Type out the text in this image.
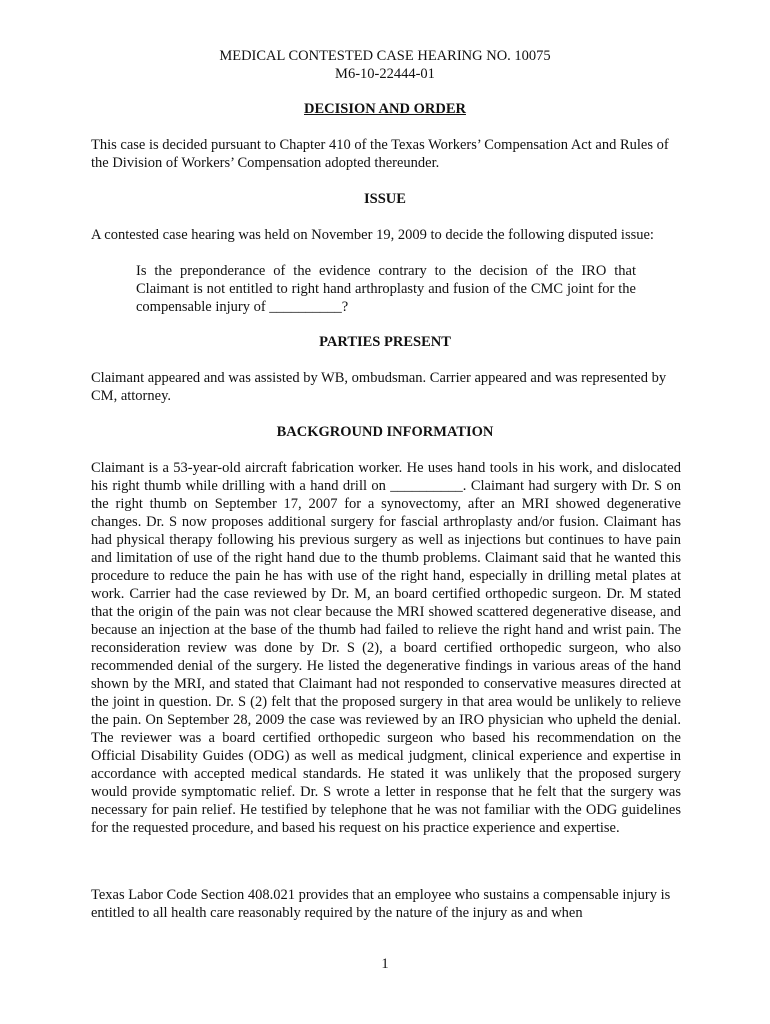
MEDICAL CONTESTED CASE HEARING NO. 10075
M6-10-22444-01
DECISION AND ORDER

This case is decided pursuant to Chapter 410 of the Texas Workers’ Compensation Act and Rules of the Division of Workers’ Compensation adopted thereunder.

ISSUE

A contested case hearing was held on November 19, 2009 to decide the following disputed issue:

Is the preponderance of the evidence contrary to the decision of the IRO that Claimant is not entitled to right hand arthroplasty and fusion of the CMC joint for the compensable injury of __________?

PARTIES PRESENT

Claimant appeared and was assisted by WB, ombudsman. Carrier appeared and was represented by CM, attorney.

BACKGROUND INFORMATION

Claimant is a 53-year-old aircraft fabrication worker. He uses hand tools in his work, and dislocated his right thumb while drilling with a hand drill on __________. Claimant had surgery with Dr. S on the right thumb on September 17, 2007 for a synovectomy, after an MRI showed degenerative changes. Dr. S now proposes additional surgery for fascial arthroplasty and/or fusion. Claimant has had physical therapy following his previous surgery as well as injections but continues to have pain and limitation of use of the right hand due to the thumb problems. Claimant said that he wanted this procedure to reduce the pain he has with use of the right hand, especially in drilling metal plates at work. Carrier had the case reviewed by Dr. M, an board certified orthopedic surgeon. Dr. M stated that the origin of the pain was not clear because the MRI showed scattered degenerative disease, and because an injection at the base of the thumb had failed to relieve the right hand and wrist pain. The reconsideration review was done by Dr. S (2), a board certified orthopedic surgeon, who also recommended denial of the surgery. He listed the degenerative findings in various areas of the hand shown by the MRI, and stated that Claimant had not responded to conservative measures directed at the joint in question. Dr. S (2) felt that the proposed surgery in that area would be unlikely to relieve the pain. On September 28, 2009 the case was reviewed by an IRO physician who upheld the denial. The reviewer was a board certified orthopedic surgeon who based his recommendation on the Official Disability Guides (ODG) as well as medical judgment, clinical experience and expertise in accordance with accepted medical standards. He stated it was unlikely that the proposed surgery would provide symptomatic relief. Dr. S wrote a letter in response that he felt that the surgery was necessary for pain relief. He testified by telephone that he was not familiar with the ODG guidelines for the requested procedure, and based his request on his practice experience and expertise.

Texas Labor Code Section 408.021 provides that an employee who sustains a compensable injury is entitled to all health care reasonably required by the nature of the injury as and when

1
